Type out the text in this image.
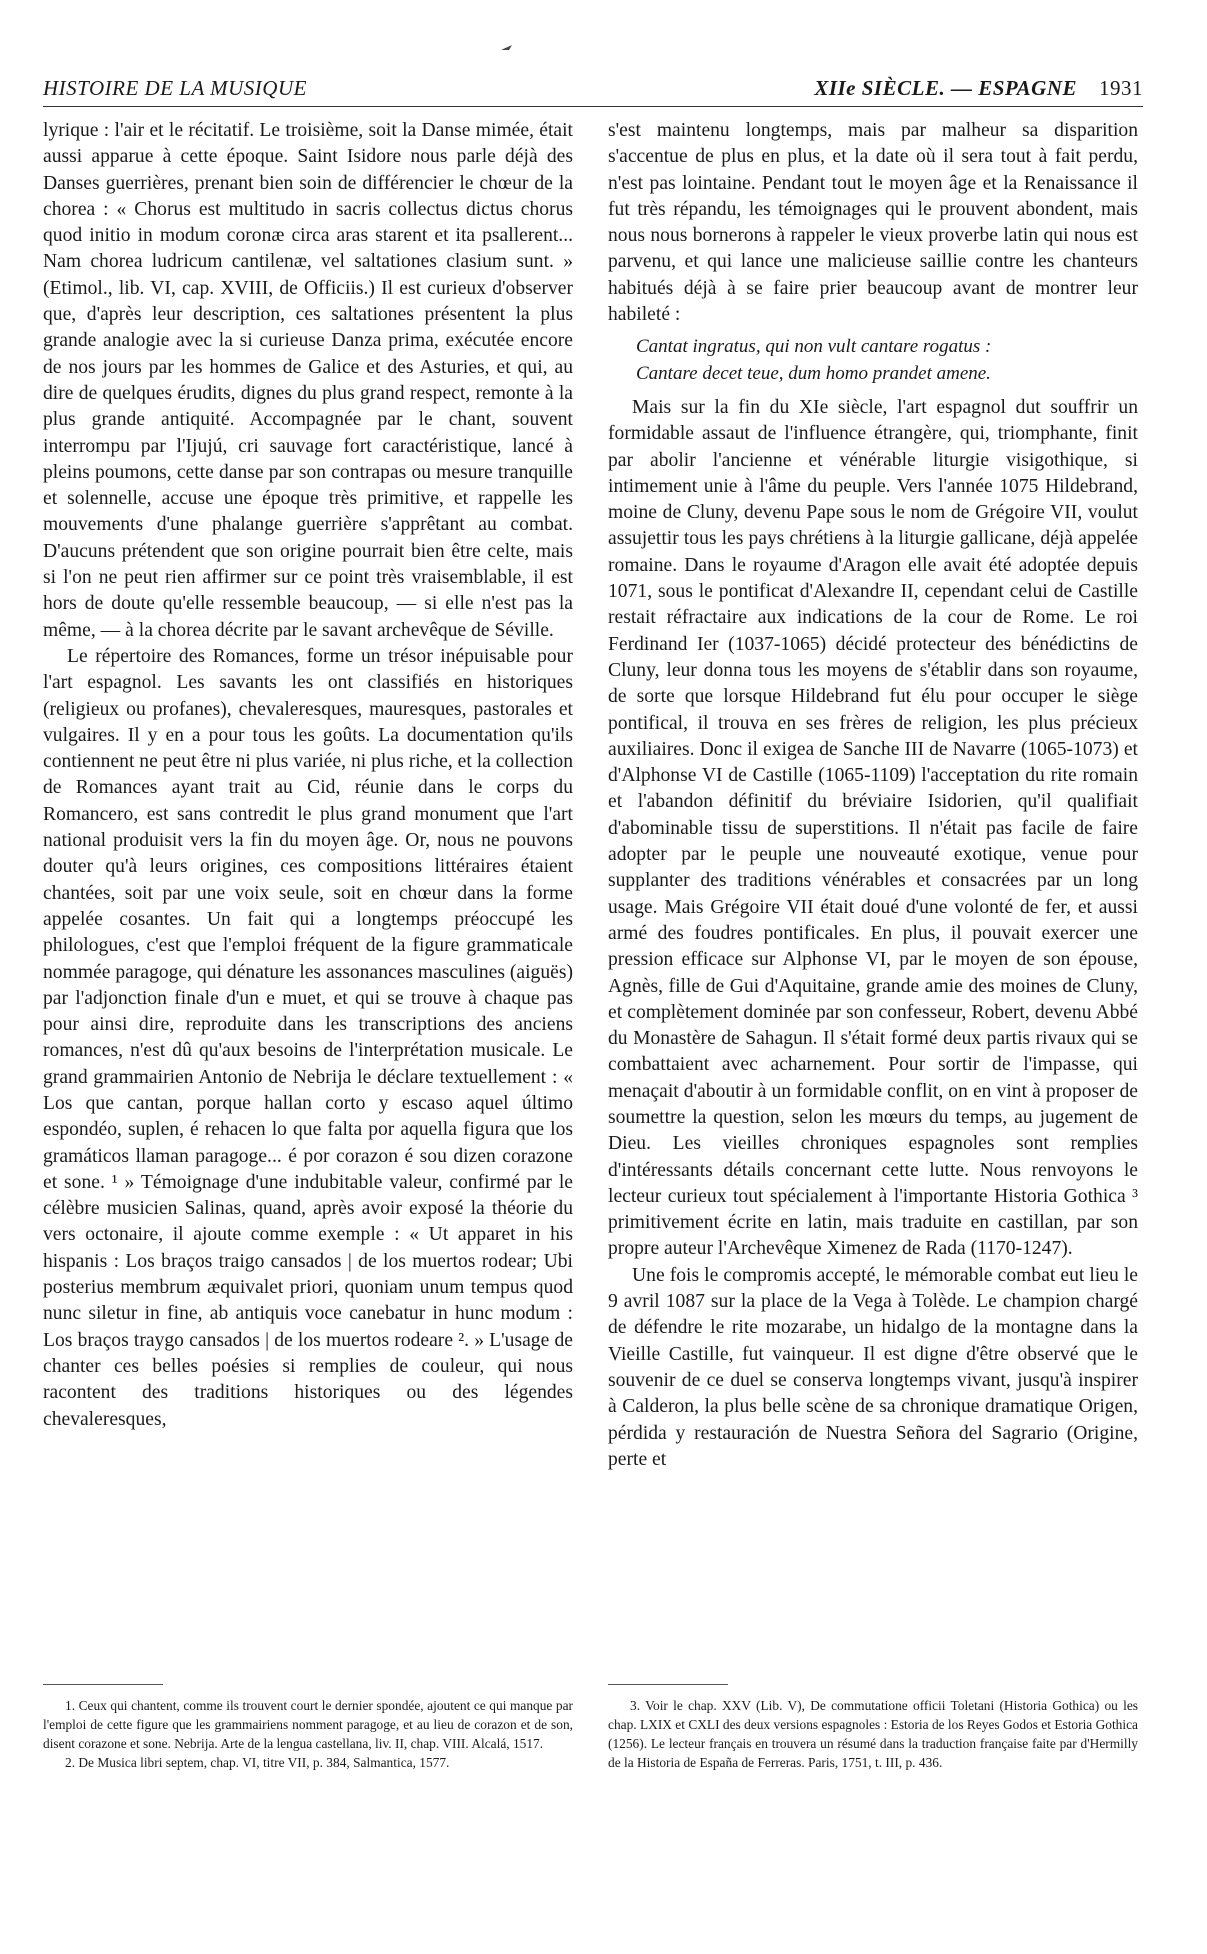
HISTOIRE DE LA MUSIQUE	XIIe SIÈCLE. — ESPAGNE 1931

lyrique : l'air et le récitatif. Le troisième, soit la Danse mimée, était aussi apparue à cette époque. Saint Isidore nous parle déjà des Danses guerrières, prenant bien soin de différencier le chœur de la chorea : « Chorus est multitudo in sacris collectus dictus chorus quod initio in modum coronæ circa aras starent et ita psallerent... Nam chorea ludricum cantilenæ, vel saltationes clasium sunt. » (Etimol., lib. VI, cap. XVIII, de Officiis.) Il est curieux d'observer que, d'après leur description, ces saltationes présentent la plus grande analogie avec la si curieuse Danza prima, exécutée encore de nos jours par les hommes de Galice et des Asturies, et qui, au dire de quelques érudits, dignes du plus grand respect, remonte à la plus grande antiquité. Accompagnée par le chant, souvent interrompu par l'Ijujú, cri sauvage fort caractéristique, lancé à pleins poumons, cette danse par son contrapas ou mesure tranquille et solennelle, accuse une époque très primitive, et rappelle les mouvements d'une phalange guerrière s'apprêtant au combat. D'aucuns prétendent que son origine pourrait bien être celte, mais si l'on ne peut rien affirmer sur ce point très vraisemblable, il est hors de doute qu'elle ressemble beaucoup, — si elle n'est pas la même, — à la chorea décrite par le savant archevêque de Séville.

Le répertoire des Romances, forme un trésor inépuisable pour l'art espagnol. Les savants les ont classifiés en historiques (religieux ou profanes), chevaleresques, mauresques, pastorales et vulgaires. Il y en a pour tous les goûts. La documentation qu'ils contiennent ne peut être ni plus variée, ni plus riche, et la collection de Romances ayant trait au Cid, réunie dans le corps du Romancero, est sans contredit le plus grand monument que l'art national produisit vers la fin du moyen âge. Or, nous ne pouvons douter qu'à leurs origines, ces compositions littéraires étaient chantées, soit par une voix seule, soit en chœur dans la forme appelée cosantes. Un fait qui a longtemps préoccupé les philologues, c'est que l'emploi fréquent de la figure grammaticale nommée paragoge, qui dénature les assonances masculines (aiguës) par l'adjonction finale d'un e muet, et qui se trouve à chaque pas pour ainsi dire, reproduite dans les transcriptions des anciens romances, n'est dû qu'aux besoins de l'interprétation musicale. Le grand grammairien Antonio de Nebrija le déclare textuellement : « Los que cantan, porque hallan corto y escaso aquel último espondéo, suplen, é rehacen lo que falta por aquella figura que los gramáticos llaman paragoge... é por corazon é sou dizen corazone et sone. ¹ » Témoignage d'une indubitable valeur, confirmé par le célèbre musicien Salinas, quand, après avoir exposé la théorie du vers octonaire, il ajoute comme exemple : « Ut apparet in his hispanis : Los braços traigo cansados | de los muertos rodear; Ubi posterius membrum æquivalet priori, quoniam unum tempus quod nunc siletur in fine, ab antiquis voce canebatur in hunc modum : Los braços traygo cansados | de los muertos rodeare ². » L'usage de chanter ces belles poésies si remplies de couleur, qui nous racontent des traditions historiques ou des légendes chevaleresques,

s'est maintenu longtemps, mais par malheur sa disparition s'accentue de plus en plus, et la date où il sera tout à fait perdu, n'est pas lointaine. Pendant tout le moyen âge et la Renaissance il fut très répandu, les témoignages qui le prouvent abondent, mais nous nous bornerons à rappeler le vieux proverbe latin qui nous est parvenu, et qui lance une malicieuse saillie contre les chanteurs habitués déjà à se faire prier beaucoup avant de montrer leur habileté :

Cantat ingratus, qui non vult cantare rogatus :
Cantare decet teue, dum homo prandet amene.

Mais sur la fin du XIe siècle, l'art espagnol dut souffrir un formidable assaut de l'influence étrangère, qui, triomphante, finit par abolir l'ancienne et vénérable liturgie visigothique, si intimement unie à l'âme du peuple. Vers l'année 1075 Hildebrand, moine de Cluny, devenu Pape sous le nom de Grégoire VII, voulut assujettir tous les pays chrétiens à la liturgie gallicane, déjà appelée romaine. Dans le royaume d'Aragon elle avait été adoptée depuis 1071, sous le pontificat d'Alexandre II, cependant celui de Castille restait réfractaire aux indications de la cour de Rome. Le roi Ferdinand Ier (1037-1065) décidé protecteur des bénédictins de Cluny, leur donna tous les moyens de s'établir dans son royaume, de sorte que lorsque Hildebrand fut élu pour occuper le siège pontifical, il trouva en ses frères de religion, les plus précieux auxiliaires. Donc il exigea de Sanche III de Navarre (1065-1073) et d'Alphonse VI de Castille (1065-1109) l'acceptation du rite romain et l'abandon définitif du bréviaire Isidorien, qu'il qualifiait d'abominable tissu de superstitions. Il n'était pas facile de faire adopter par le peuple une nouveauté exotique, venue pour supplanter des traditions vénérables et consacrées par un long usage. Mais Grégoire VII était doué d'une volonté de fer, et aussi armé des foudres pontificales. En plus, il pouvait exercer une pression efficace sur Alphonse VI, par le moyen de son épouse, Agnès, fille de Gui d'Aquitaine, grande amie des moines de Cluny, et complètement dominée par son confesseur, Robert, devenu Abbé du Monastère de Sahagun. Il s'était formé deux partis rivaux qui se combattaient avec acharnement. Pour sortir de l'impasse, qui menaçait d'aboutir à un formidable conflit, on en vint à proposer de soumettre la question, selon les mœurs du temps, au jugement de Dieu. Les vieilles chroniques espagnoles sont remplies d'intéressants détails concernant cette lutte. Nous renvoyons le lecteur curieux tout spécialement à l'importante Historia Gothica ³ primitivement écrite en latin, mais traduite en castillan, par son propre auteur l'Archevêque Ximenez de Rada (1170-1247).

Une fois le compromis accepté, le mémorable combat eut lieu le 9 avril 1087 sur la place de la Vega à Tolède. Le champion chargé de défendre le rite mozarabe, un hidalgo de la montagne dans la Vieille Castille, fut vainqueur. Il est digne d'être observé que le souvenir de ce duel se conserva longtemps vivant, jusqu'à inspirer à Calderon, la plus belle scène de sa chronique dramatique Origen, pérdida y restauración de Nuestra Señora del Sagrario (Origine, perte et

1. Ceux qui chantent, comme ils trouvent court le dernier spondée, ajoutent ce qui manque par l'emploi de cette figure que les grammairiens nomment paragoge, et au lieu de corazon et de son, disent corazone et sone. Nebrija. Arte de la lengua castellana, liv. II, chap. VIII. Alcalá, 1517.

2. De Musica libri septem, chap. VI, titre VII, p. 384, Salmantica, 1577.

3. Voir le chap. XXV (Lib. V), De commutatione officii Toletani (Historia Gothica) ou les chap. LXIX et CXLI des deux versions espagnoles : Estoria de los Reyes Godos et Estoria Gothica (1256). Le lecteur français en trouvera un résumé dans la traduction française faite par d'Hermilly de la Historia de España de Ferreras. Paris, 1751, t. III, p. 436.
